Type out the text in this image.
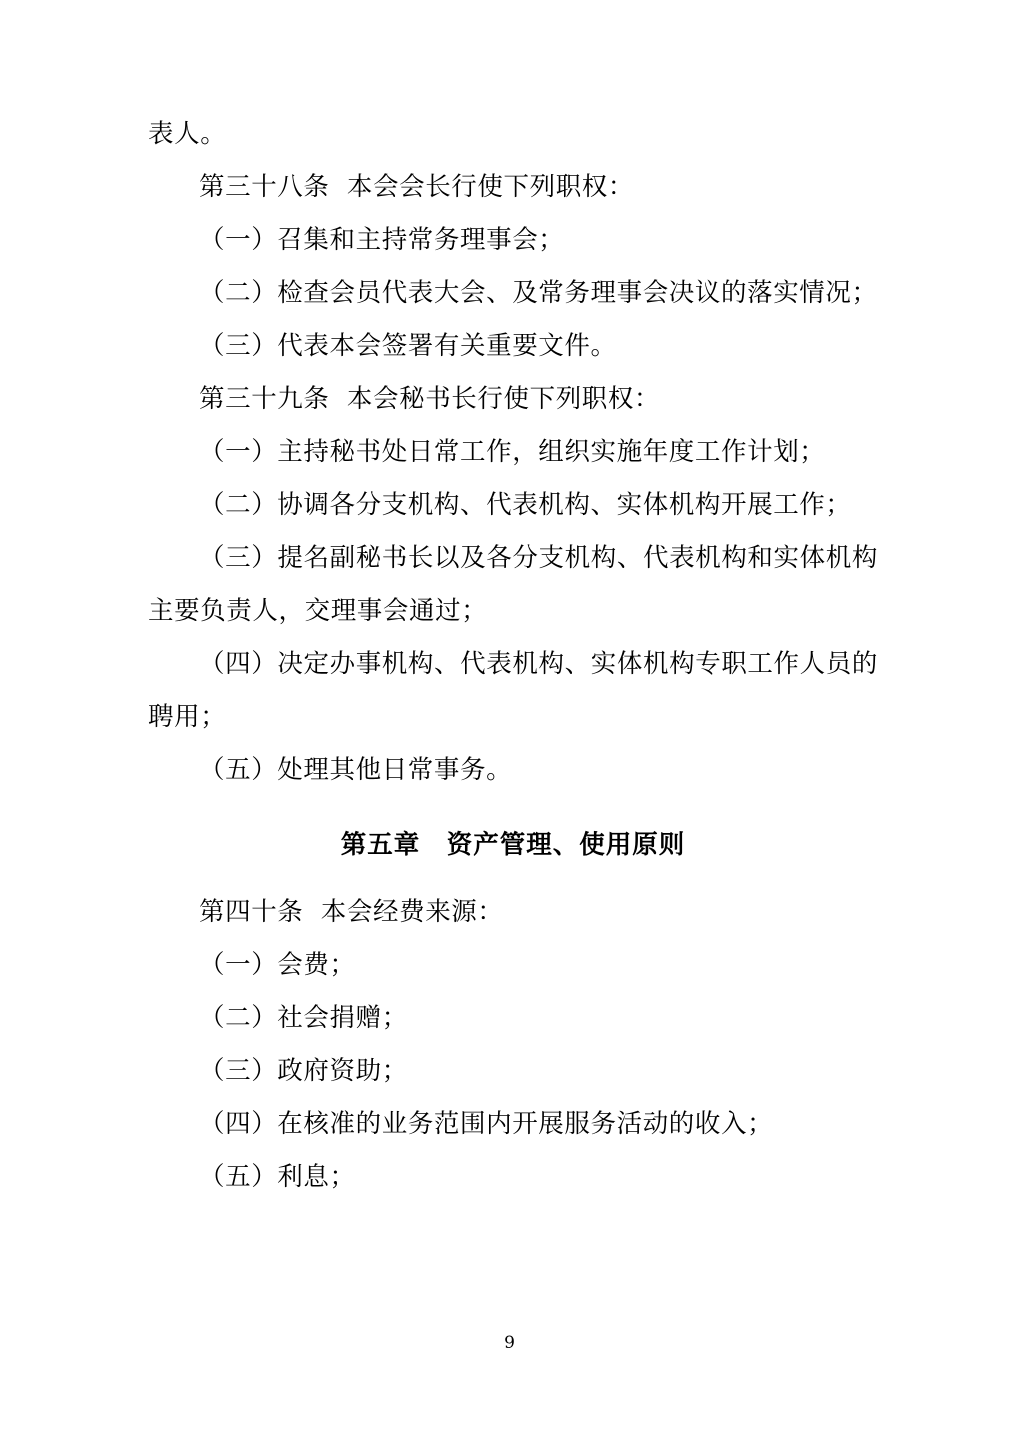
表人。

第三十八条  本会会长行使下列职权：

（一）召集和主持常务理事会；

（二）检查会员代表大会、及常务理事会决议的落实情况；

（三）代表本会签署有关重要文件。

第三十九条  本会秘书长行使下列职权：

（一）主持秘书处日常工作，组织实施年度工作计划；

（二）协调各分支机构、代表机构、实体机构开展工作；

（三）提名副秘书长以及各分支机构、代表机构和实体机构主要负责人，交理事会通过；

（四）决定办事机构、代表机构、实体机构专职工作人员的聘用；

（五）处理其他日常事务。

第五章　资产管理、使用原则

第四十条  本会经费来源：

（一）会费；

（二）社会捐赠；

（三）政府资助；

（四）在核准的业务范围内开展服务活动的收入；

（五）利息；

9
